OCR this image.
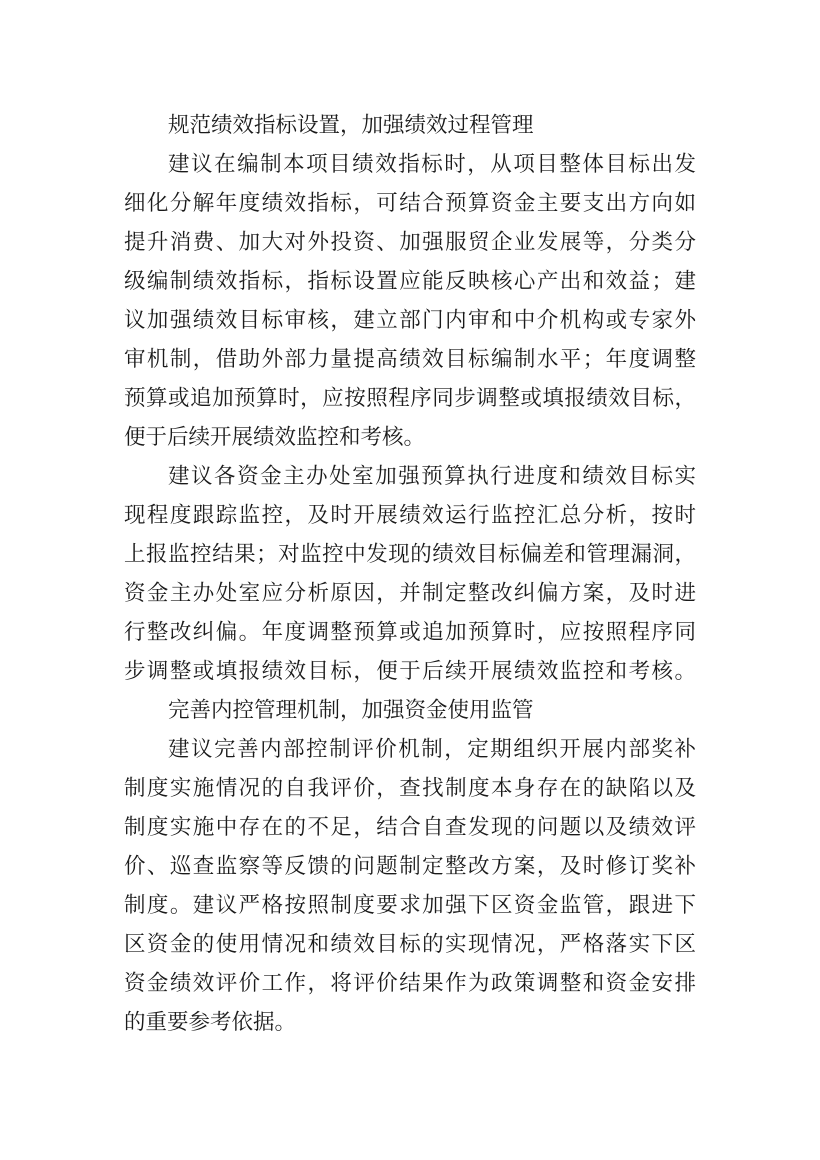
规范绩效指标设置，加强绩效过程管理
建议在编制本项目绩效指标时，从项目整体目标出发
细化分解年度绩效指标，可结合预算资金主要支出方向如
提升消费、加大对外投资、加强服贸企业发展等，分类分
级编制绩效指标，指标设置应能反映核心产出和效益；建
议加强绩效目标审核，建立部门内审和中介机构或专家外
审机制，借助外部力量提高绩效目标编制水平；年度调整
预算或追加预算时，应按照程序同步调整或填报绩效目标，
便于后续开展绩效监控和考核。
建议各资金主办处室加强预算执行进度和绩效目标实
现程度跟踪监控，及时开展绩效运行监控汇总分析，按时
上报监控结果；对监控中发现的绩效目标偏差和管理漏洞，
资金主办处室应分析原因，并制定整改纠偏方案，及时进
行整改纠偏。年度调整预算或追加预算时，应按照程序同
步调整或填报绩效目标，便于后续开展绩效监控和考核。
完善内控管理机制，加强资金使用监管
建议完善内部控制评价机制，定期组织开展内部奖补
制度实施情况的自我评价，查找制度本身存在的缺陷以及
制度实施中存在的不足，结合自查发现的问题以及绩效评
价、巡查监察等反馈的问题制定整改方案，及时修订奖补
制度。建议严格按照制度要求加强下区资金监管，跟进下
区资金的使用情况和绩效目标的实现情况，严格落实下区
资金绩效评价工作，将评价结果作为政策调整和资金安排
的重要参考依据。
